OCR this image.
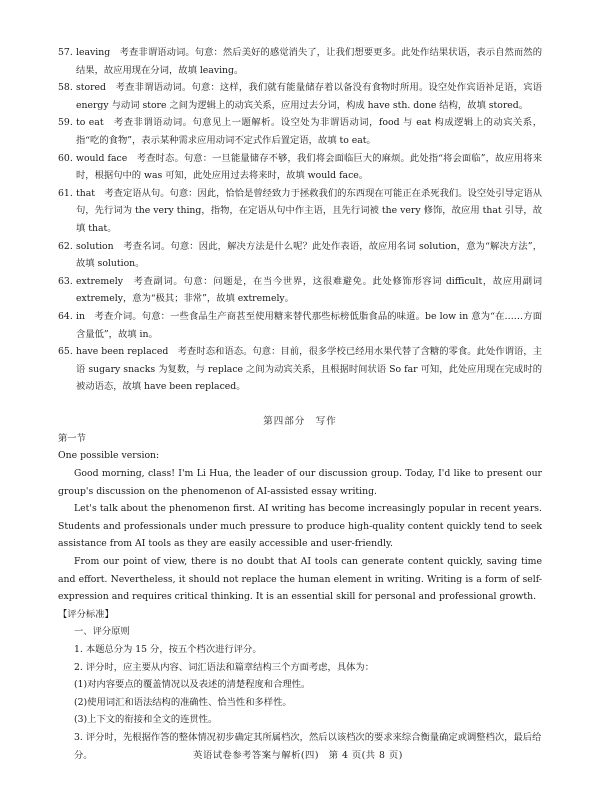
57. leaving　考查非谓语动词。句意：然后美好的感觉消失了，让我们想要更多。此处作结果状语，表示自然而然的结果，故应用现在分词，故填 leaving。
58. stored　考查非谓语动词。句意：这样，我们就有能量储存着以备没有食物时所用。设空处作宾语补足语，宾语 energy 与动词 store 之间为逻辑上的动宾关系，应用过去分词，构成 have sth. done 结构，故填 stored。
59. to eat　考查非谓语动词。句意见上一题解析。设空处为非谓语动词，food 与 eat 构成逻辑上的动宾关系，指“吃的食物”，表示某种需求应用动词不定式作后置定语，故填 to eat。
60. would face　考查时态。句意：一旦能量储存不够，我们将会面临巨大的麻烦。此处指“将会面临”，故应用将来时，根据句中的 was 可知，此处应用过去将来时，故填 would face。
61. that　考查定语从句。句意：因此，恰恰是曾经致力于拯救我们的东西现在可能正在杀死我们。设空处引导定语从句，先行词为 the very thing，指物，在定语从句中作主语，且先行词被 the very 修饰，故应用 that 引导，故填 that。
62. solution　考查名词。句意：因此，解决方法是什么呢？此处作表语，故应用名词 solution，意为“解决方法”，故填 solution。
63. extremely　考查副词。句意：问题是，在当今世界，这很难避免。此处修饰形容词 difficult，故应用副词 extremely，意为“极其；非常”，故填 extremely。
64. in　考查介词。句意：一些食品生产商甚至使用糖来替代那些标榜低脂食品的味道。be low in 意为“在……方面含量低”，故填 in。
65. have been replaced　考查时态和语态。句意：目前，很多学校已经用水果代替了含糖的零食。此处作谓语，主语 sugary snacks 为复数，与 replace 之间为动宾关系，且根据时间状语 So far 可知，此处应用现在完成时的被动语态，故填 have been replaced。
第四部分　写作
第一节
One possible version:

Good morning, class! I'm Li Hua, the leader of our discussion group. Today, I'd like to present our group's discussion on the phenomenon of AI-assisted essay writing.

Let's talk about the phenomenon first. AI writing has become increasingly popular in recent years. Students and professionals under much pressure to produce high-quality content quickly tend to seek assistance from AI tools as they are easily accessible and user-friendly.

From our point of view, there is no doubt that AI tools can generate content quickly, saving time and effort. Nevertheless, it should not replace the human element in writing. Writing is a form of self-expression and requires critical thinking. It is an essential skill for personal and professional growth.

【评分标准】
一、评分原则
1. 本题总分为 15 分，按五个档次进行评分。
2. 评分时，应主要从内容、词汇语法和篇章结构三个方面考虑，具体为：
(1)对内容要点的覆盖情况以及表述的清楚程度和合理性。
(2)使用词汇和语法结构的准确性、恰当性和多样性。
(3)上下文的衔接和全文的连贯性。
3. 评分时，先根据作答的整体情况初步确定其所属档次，然后以该档次的要求来综合衡量确定或调整档次，最后给分。	英语试卷参考答案与解析(四)　第 4 页(共 8 页)
